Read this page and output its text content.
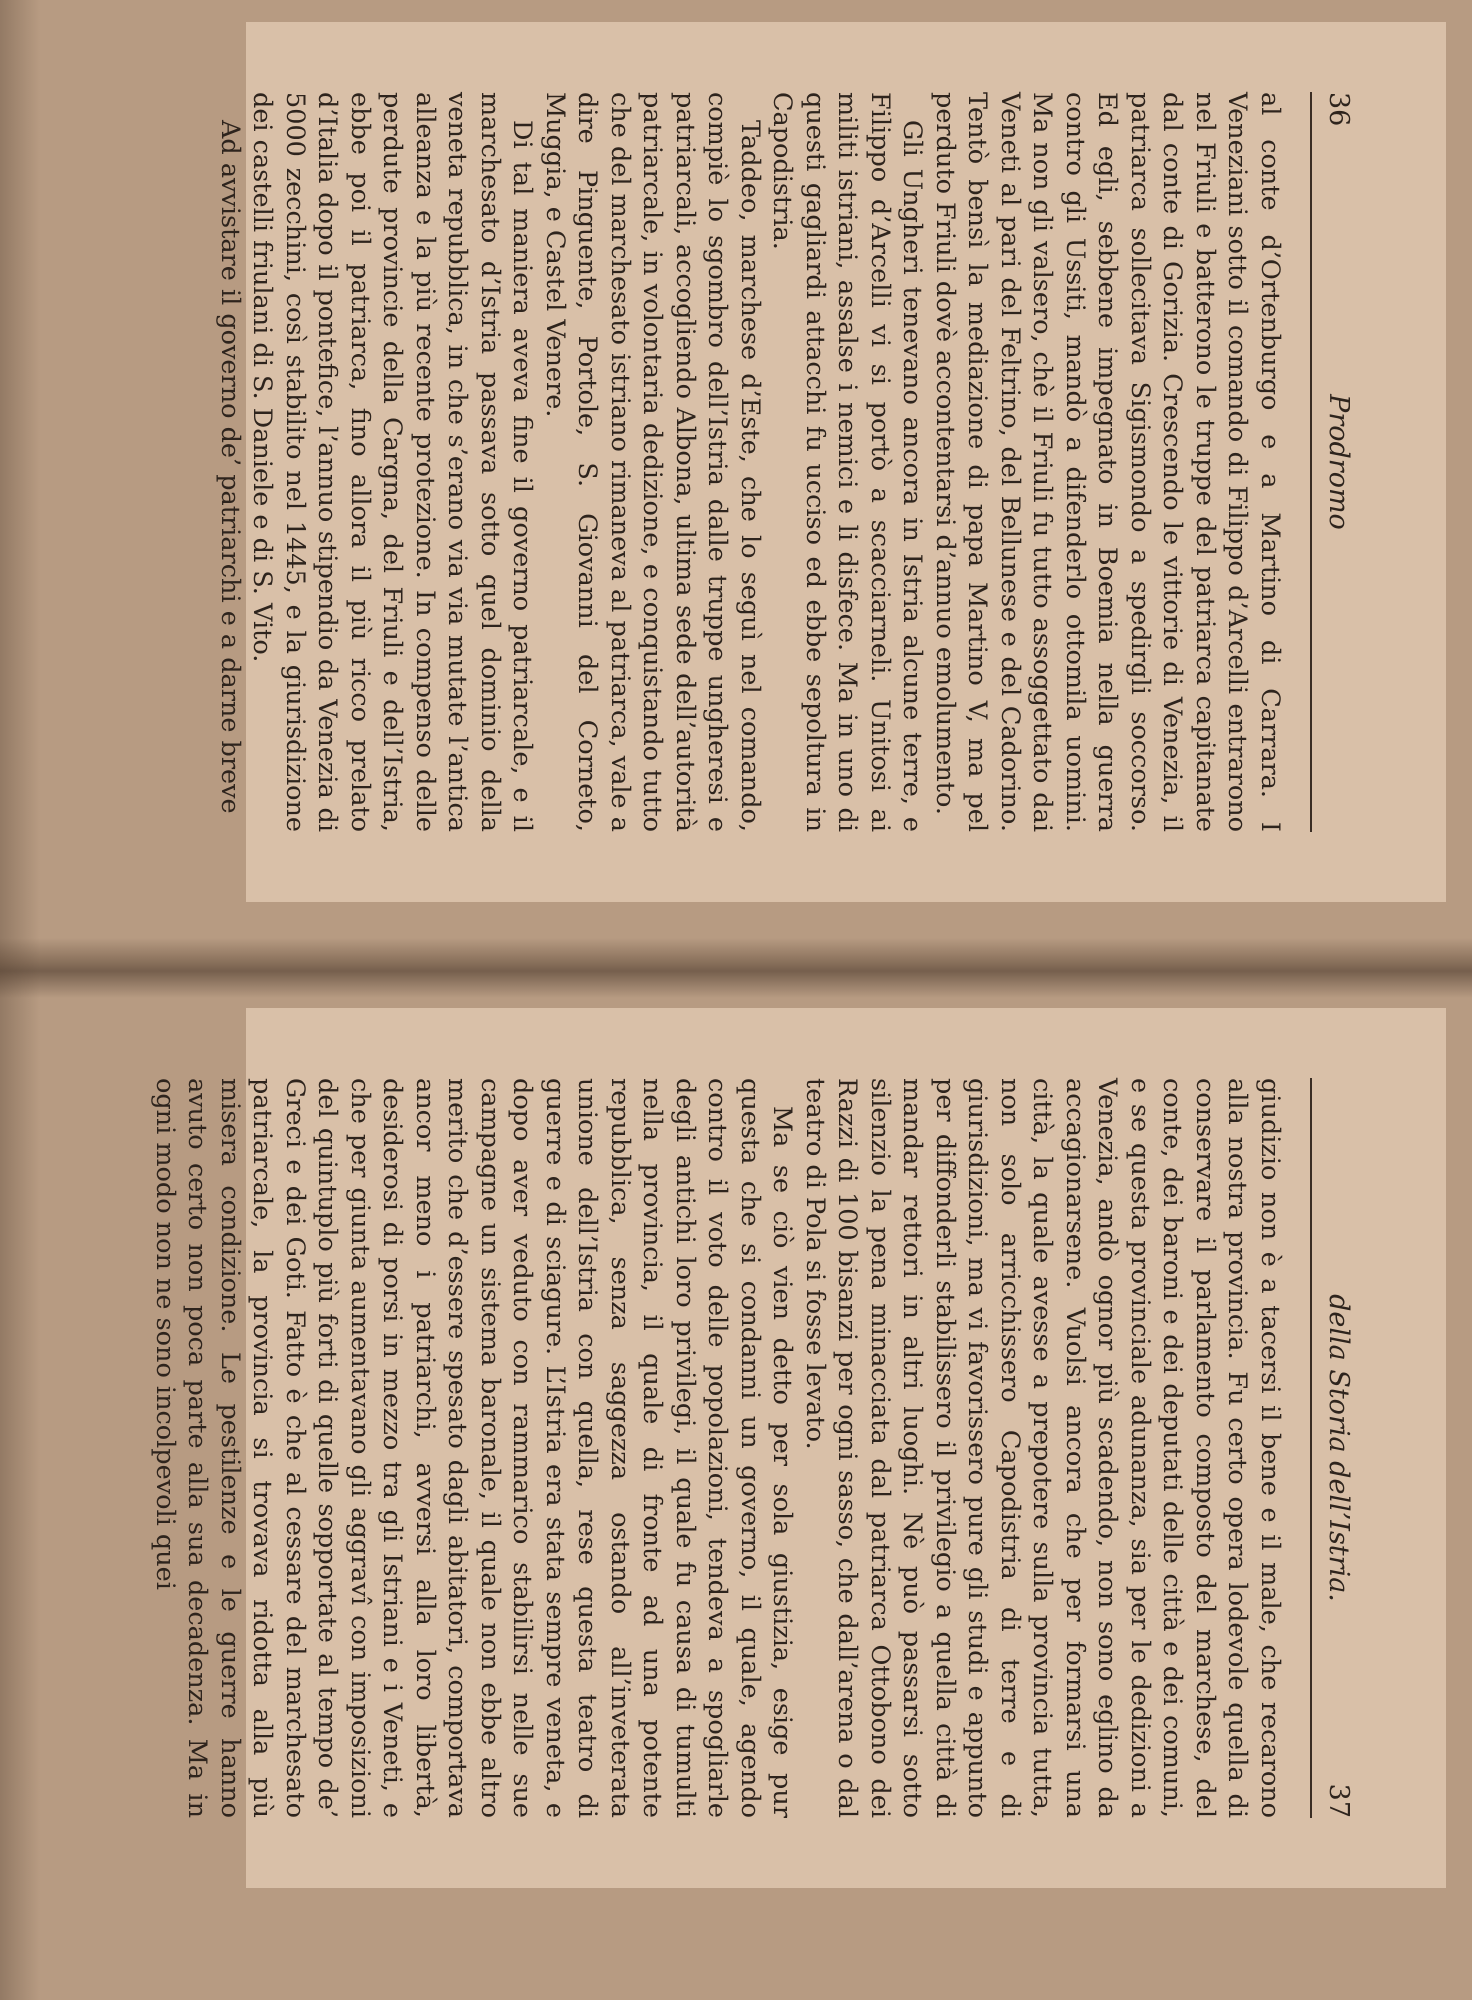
36
Prodromo

al conte d’Ortenburgo e a Martino di Carrara. I Veneziani sotto il comando di Filippo d’Arcelli entrarono nel Friuli e batterono le truppe del patriarca capitanate dal conte di Gorizia. Crescendo le vittorie di Venezia, il patriarca sollecitava Sigismondo a spedirgli soccorso. Ed egli, sebbene impegnato in Boemia nella guerra contro gli Ussiti, mandò a difenderlo ottomila uomini. Ma non gli valsero, chè il Friuli fu tutto assoggettato dai Veneti al pari del Feltrino, del Bellunese e del Cadorino. Tentò bensì la mediazione di papa Martino V, ma pel perduto Friuli dovè accontentarsi d’annuo emolumento.

Gli Ungheri tenevano ancora in Istria alcune terre, e Filippo d’Arcelli vi si portò a scacciarneli. Unitosi ai militi istriani, assalse i nemici e li disfece. Ma in uno di questi gagliardi attacchi fu ucciso ed ebbe sepoltura in Capodistria.

Taddeo, marchese d’Este, che lo seguì nel comando, compiè lo sgombro dell’Istria dalle truppe ungheresi e patriarcali, accogliendo Albona, ultima sede dell’autorità patriarcale, in volontaria dedizione, e conquistando tutto che del marchesato istriano rimaneva al patriarca, vale a dire Pinguente, Portole, S. Giovanni del Corneto, Muggia, e Castel Venere.

Di tal maniera aveva fine il governo patriarcale, e il marchesato d’Istria passava sotto quel dominio della veneta repubblica, in che s’erano via via mutate l’antica alleanza e la più recente protezione. In compenso delle perdute provincie della Cargna, del Friuli e dell’Istria, ebbe poi il patriarca, fino allora il più ricco prelato d’Italia dopo il pontefice, l’annuo stipendio da Venezia di 5000 zecchini, così stabilito nel 1445, e la giurisdizione dei castelli friulani di S. Daniele e di S. Vito.

Ad avvistare il governo de’ patriarchi e a darne breve

della Storia dell’Istria.
37

giudizio non è a tacersi il bene e il male, che recarono alla nostra provincia. Fu certo opera lodevole quella di conservare il parlamento composto del marchese, del conte, dei baroni e dei deputati delle città e dei comuni, e se questa provinciale adunanza, sia per le dedizioni a Venezia, andò ognor più scadendo, non sono eglino da accagionarsene. Vuolsi ancora che per formarsi una città, la quale avesse a prepotere sulla provincia tutta, non solo arricchissero Capodistria di terre e di giurisdizioni, ma vi favorissero pure gli studi e appunto per diffonderli stabilissero il privilegio a quella città di mandar rettori in altri luoghi. Nè può passarsi sotto silenzio la pena minacciata dal patriarca Ottobono dei Razzi di 100 bisanzi per ogni sasso, che dall’arena o dal teatro di Pola si fosse levato.

Ma se ciò vien detto per sola giustizia, esige pur questa che si condanni un governo, il quale, agendo contro il voto delle popolazioni, tendeva a spogliarle degli antichi loro privilegi, il quale fu causa di tumulti nella provincia, il quale di fronte ad una potente repubblica, senza saggezza ostando all’inveterata unione dell’Istria con quella, rese questa teatro di guerre e di sciagure. L’Istria era stata sempre veneta, e dopo aver veduto con rammarico stabilirsi nelle sue campagne un sistema baronale, il quale non ebbe altro merito che d’essere spesato dagli abitatori, comportava ancor meno i patriarchi, avversi alla loro libertà, desiderosi di porsi in mezzo tra gli Istriani e i Veneti, e che per giunta aumentavano gli aggravî con imposizioni del quintuplo più forti di quelle sopportate al tempo de’ Greci e dei Goti. Fatto è che al cessare del marchesato patriarcale, la provincia si trovava ridotta alla più misera condizione. Le pestilenze e le guerre hanno avuto certo non poca parte alla sua decadenza. Ma in ogni modo non ne sono incolpevoli quei
